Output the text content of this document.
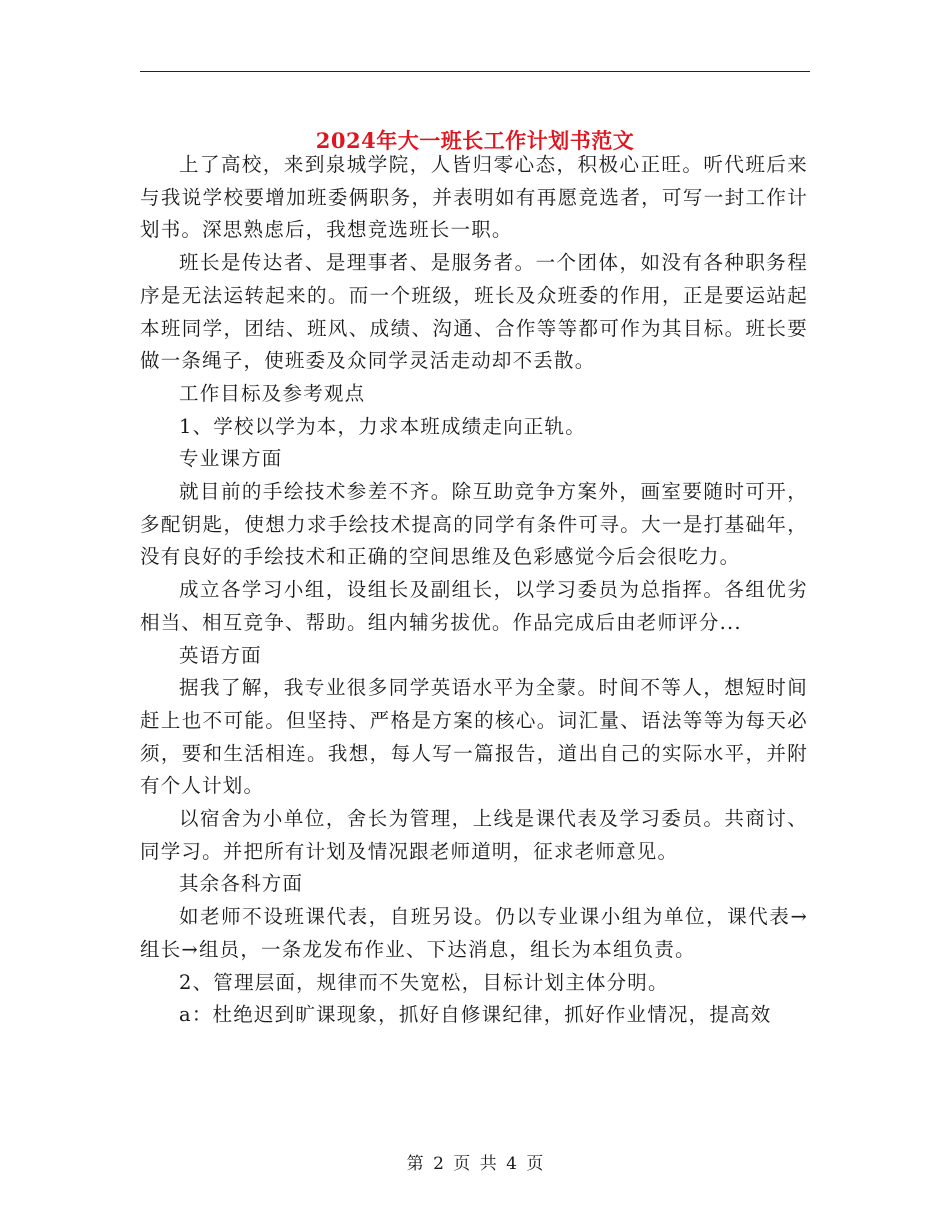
2024年大一班长工作计划书范文

上了高校，来到泉城学院，人皆归零心态，积极心正旺。听代班后来与我说学校要增加班委俩职务，并表明如有再愿竞选者，可写一封工作计划书。深思熟虑后，我想竞选班长一职。

班长是传达者、是理事者、是服务者。一个团体，如没有各种职务程序是无法运转起来的。而一个班级，班长及众班委的作用，正是要运站起本班同学，团结、班风、成绩、沟通、合作等等都可作为其目标。班长要做一条绳子，使班委及众同学灵活走动却不丢散。

工作目标及参考观点

1、学校以学为本，力求本班成绩走向正轨。

专业课方面

就目前的手绘技术参差不齐。除互助竞争方案外，画室要随时可开，多配钥匙，使想力求手绘技术提高的同学有条件可寻。大一是打基础年，没有良好的手绘技术和正确的空间思维及色彩感觉今后会很吃力。

成立各学习小组，设组长及副组长，以学习委员为总指挥。各组优劣相当、相互竞争、帮助。组内辅劣拔优。作品完成后由老师评分...

英语方面

据我了解，我专业很多同学英语水平为全蒙。时间不等人，想短时间赶上也不可能。但坚持、严格是方案的核心。词汇量、语法等等为每天必须，要和生活相连。我想，每人写一篇报告，道出自己的实际水平，并附有个人计划。

以宿舍为小单位，舍长为管理，上线是课代表及学习委员。共商讨、同学习。并把所有计划及情况跟老师道明，征求老师意见。

其余各科方面

如老师不设班课代表，自班另设。仍以专业课小组为单位，课代表→组长→组员，一条龙发布作业、下达消息，组长为本组负责。

2、管理层面，规律而不失宽松，目标计划主体分明。

a：杜绝迟到旷课现象，抓好自修课纪律，抓好作业情况，提高效

第 2 页 共 4 页
